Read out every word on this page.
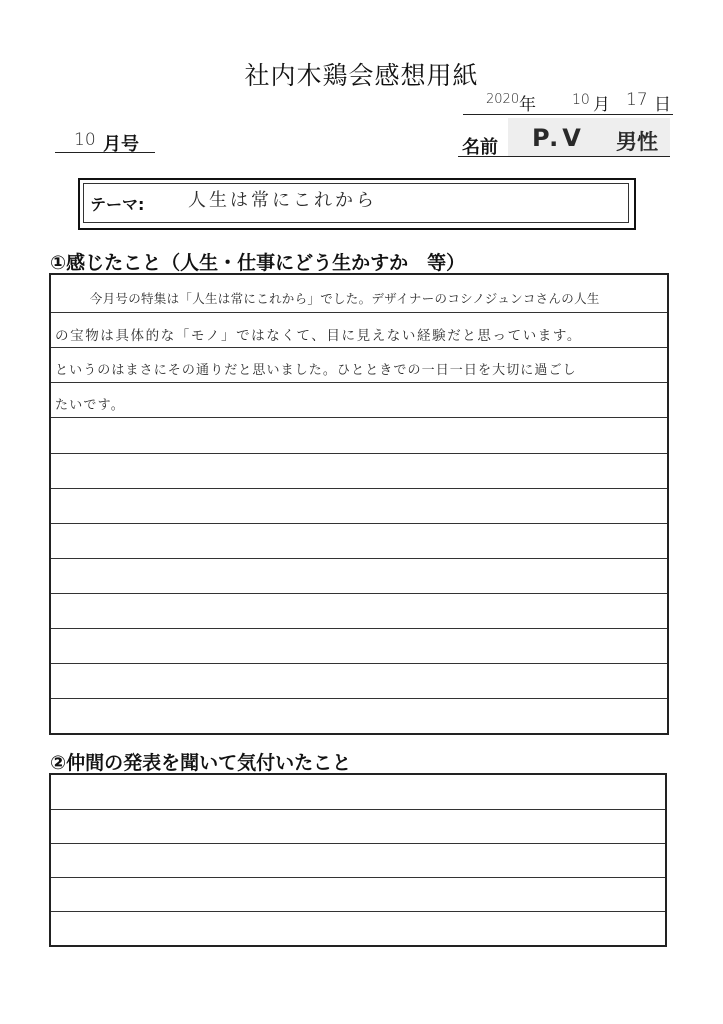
社内木鶏会感想用紙
2020 年	10 月 17 日
10 月号	名前 P.V 男性
テーマ: 人生は常にこれから
①感じたこと（人生・仕事にどう生かすか　等）
　今月号の特集は「人生は常にこれから」でした。デザイナーのコシノジュンコさんの人生
の宝物は具体的な「モノ」ではなくて、目に見えない経験だと思っています。
というのはまさにその通りだと思いました。ひとときでの一日一日を大切に過ごし
たいです。
②仲間の発表を聞いて気付いたこと
